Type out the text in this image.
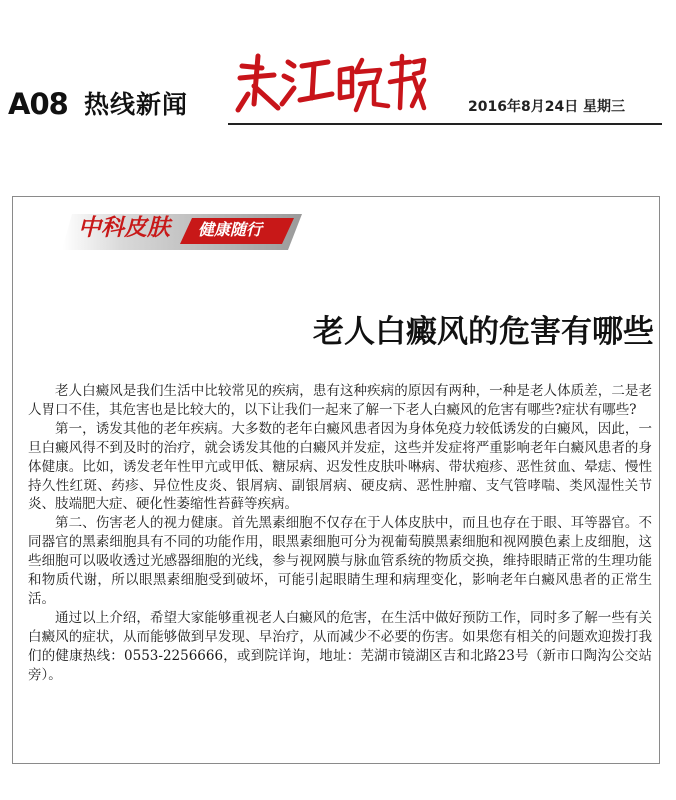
A08 热线新闻	2016年8月24日 星期三
中科皮肤 健康随行
老人白癜风的危害有哪些

老人白癜风是我们生活中比较常见的疾病，患有这种疾病的原因有两种，一种是老人体质差，二是老人胃口不佳，其危害也是比较大的，以下让我们一起来了解一下老人白癜风的危害有哪些?症状有哪些?

第一，诱发其他的老年疾病。大多数的老年白癜风患者因为身体免疫力较低诱发的白癜风，因此，一旦白癜风得不到及时的治疗，就会诱发其他的白癜风并发症，这些并发症将严重影响老年白癜风患者的身体健康。比如，诱发老年性甲亢或甲低、糖尿病、迟发性皮肤卟啉病、带状疱疹、恶性贫血、晕痣、慢性持久性红斑、药疹、异位性皮炎、银屑病、副银屑病、硬皮病、恶性肿瘤、支气管哮喘、类风湿性关节炎、肢端肥大症、硬化性萎缩性苔藓等疾病。

第二、伤害老人的视力健康。首先黑素细胞不仅存在于人体皮肤中，而且也存在于眼、耳等器官。不同器官的黑素细胞具有不同的功能作用，眼黑素细胞可分为视葡萄膜黑素细胞和视网膜色素上皮细胞，这些细胞可以吸收透过光感器细胞的光线，参与视网膜与脉血管系统的物质交换，维持眼睛正常的生理功能和物质代谢，所以眼黑素细胞受到破坏，可能引起眼睛生理和病理变化，影响老年白癜风患者的正常生活。

通过以上介绍，希望大家能够重视老人白癜风的危害，在生活中做好预防工作，同时多了解一些有关白癜风的症状，从而能够做到早发现、早治疗，从而减少不必要的伤害。如果您有相关的问题欢迎拨打我们的健康热线：0553-2256666，或到院详询，地址：芜湖市镜湖区吉和北路23号（新市口陶沟公交站旁）。
